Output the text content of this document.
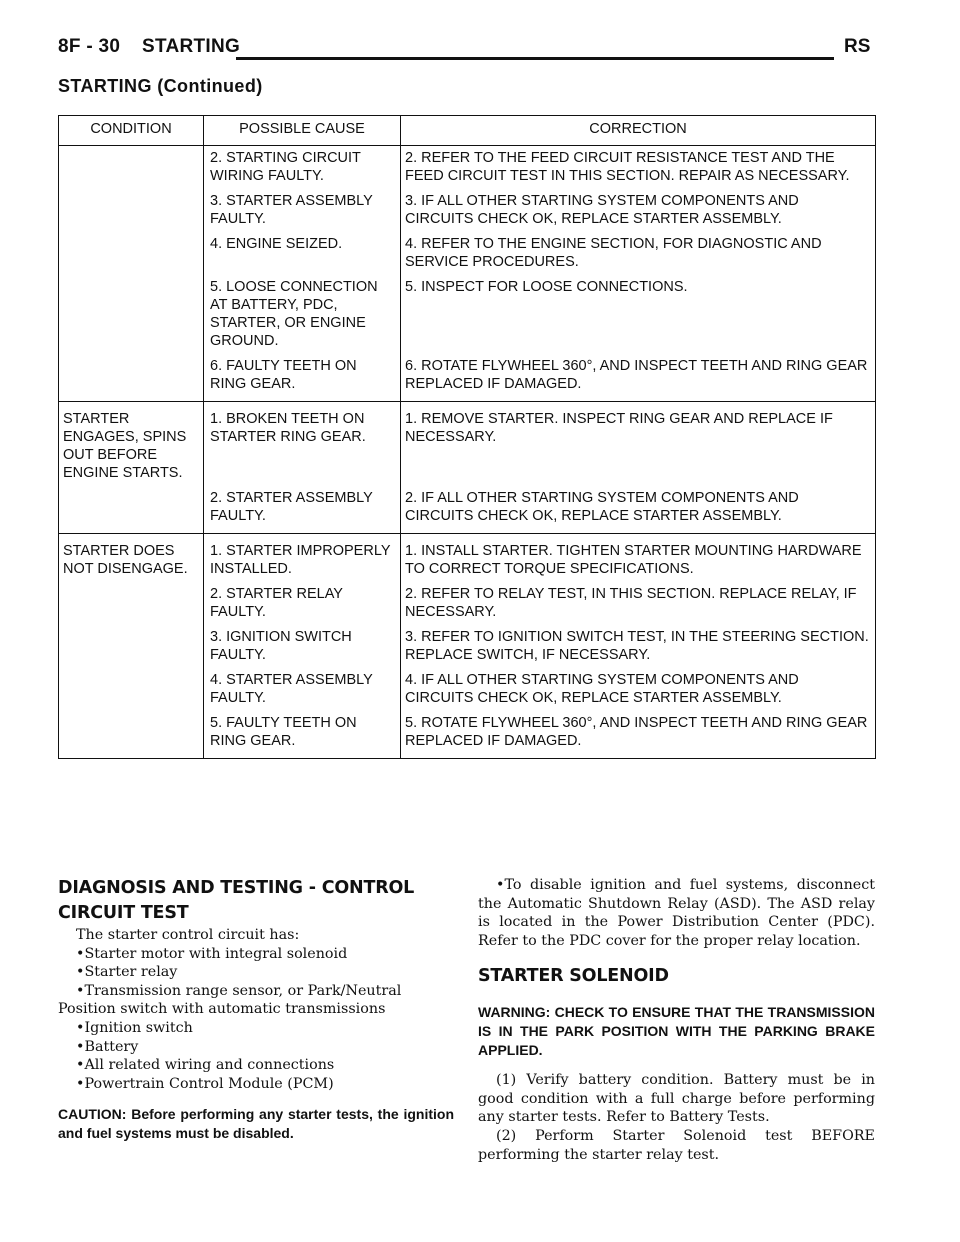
8F - 30 STARTING	RS
STARTING (Continued)
CONDITION	POSSIBLE CAUSE	CORRECTION
	2. STARTING CIRCUIT WIRING FAULTY.	2. REFER TO THE FEED CIRCUIT RESISTANCE TEST AND THE FEED CIRCUIT TEST IN THIS SECTION. REPAIR AS NECESSARY.
	3. STARTER ASSEMBLY FAULTY.	3. IF ALL OTHER STARTING SYSTEM COMPONENTS AND CIRCUITS CHECK OK, REPLACE STARTER ASSEMBLY.
	4. ENGINE SEIZED.	4. REFER TO THE ENGINE SECTION, FOR DIAGNOSTIC AND SERVICE PROCEDURES.
	5. LOOSE CONNECTION AT BATTERY, PDC, STARTER, OR ENGINE GROUND.	5. INSPECT FOR LOOSE CONNECTIONS.
	6. FAULTY TEETH ON RING GEAR.	6. ROTATE FLYWHEEL 360°, AND INSPECT TEETH AND RING GEAR REPLACED IF DAMAGED.
STARTER ENGAGES, SPINS OUT BEFORE ENGINE STARTS.	1. BROKEN TEETH ON STARTER RING GEAR.	1. REMOVE STARTER. INSPECT RING GEAR AND REPLACE IF NECESSARY.
	2. STARTER ASSEMBLY FAULTY.	2. IF ALL OTHER STARTING SYSTEM COMPONENTS AND CIRCUITS CHECK OK, REPLACE STARTER ASSEMBLY.
STARTER DOES NOT DISENGAGE.	1. STARTER IMPROPERLY INSTALLED.	1. INSTALL STARTER. TIGHTEN STARTER MOUNTING HARDWARE TO CORRECT TORQUE SPECIFICATIONS.
	2. STARTER RELAY FAULTY.	2. REFER TO RELAY TEST, IN THIS SECTION. REPLACE RELAY, IF NECESSARY.
	3. IGNITION SWITCH FAULTY.	3. REFER TO IGNITION SWITCH TEST, IN THE STEERING SECTION. REPLACE SWITCH, IF NECESSARY.
	4. STARTER ASSEMBLY FAULTY.	4. IF ALL OTHER STARTING SYSTEM COMPONENTS AND CIRCUITS CHECK OK, REPLACE STARTER ASSEMBLY.
	5. FAULTY TEETH ON RING GEAR.	5. ROTATE FLYWHEEL 360°, AND INSPECT TEETH AND RING GEAR REPLACED IF DAMAGED.
DIAGNOSIS AND TESTING - CONTROL
CIRCUIT TEST

The starter control circuit has:

•Starter motor with integral solenoid

•Starter relay

•Transmission range sensor, or Park/Neutral Position switch with automatic transmissions

•Ignition switch

•Battery

•All related wiring and connections

•Powertrain Control Module (PCM)

CAUTION: Before performing any starter tests, the ignition and fuel systems must be disabled.

•To disable ignition and fuel systems, disconnect the Automatic Shutdown Relay (ASD). The ASD relay is located in the Power Distribution Center (PDC). Refer to the PDC cover for the proper relay location.

STARTER SOLENOID

WARNING: CHECK TO ENSURE THAT THE TRANSMISSION IS IN THE PARK POSITION WITH THE PARKING BRAKE APPLIED.

(1) Verify battery condition. Battery must be in good condition with a full charge before performing any starter tests. Refer to Battery Tests.

(2) Perform Starter Solenoid test BEFORE performing the starter relay test.
